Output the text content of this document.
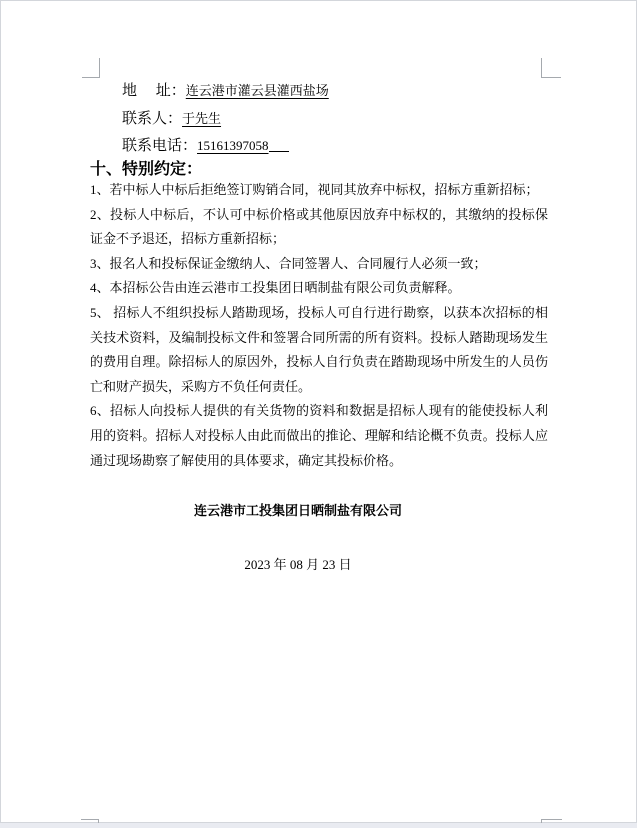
地　 址：连云港市灌云县灌西盐场
联系人：于先生
联系电话：15161397058
十、特别约定：
1、若中标人中标后拒绝签订购销合同，视同其放弃中标权，招标方重新招标；
2、投标人中标后，不认可中标价格或其他原因放弃中标权的，其缴纳的投标保
证金不予退还，招标方重新招标；
3、报名人和投标保证金缴纳人、合同签署人、合同履行人必须一致；
4、本招标公告由连云港市工投集团日晒制盐有限公司负责解释。
5、 招标人不组织投标人踏勘现场，投标人可自行进行勘察，以获本次招标的相
关技术资料，及编制投标文件和签署合同所需的所有资料。投标人踏勘现场发生
的费用自理。除招标人的原因外，投标人自行负责在踏勘现场中所发生的人员伤
亡和财产损失，采购方不负任何责任。
6、招标人向投标人提供的有关货物的资料和数据是招标人现有的能使投标人利
用的资料。招标人对投标人由此而做出的推论、理解和结论概不负责。投标人应
通过现场勘察了解使用的具体要求，确定其投标价格。
连云港市工投集团日晒制盐有限公司
2023 年 08 月 23 日
